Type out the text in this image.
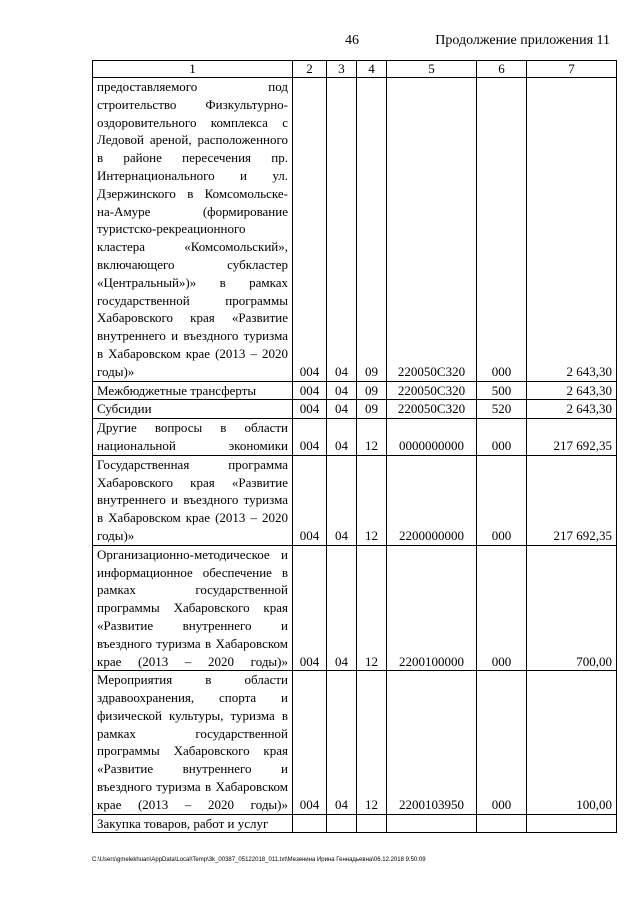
46	Продолжение приложения 11
1	2	3	4	5	6	7
предоставляемого под строительство Физкультурно-оздоровительного комплекса с Ледовой ареной, расположенного в районе пересечения пр. Интернационального и ул. Дзержинского в Комсомольске-на-Амуре (формирование туристско-рекреационного кластера «Комсомольский», включающего субкластер «Центральный»)» в рамках государственной программы Хабаровского края «Развитие внутреннего и въездного туризма в Хабаровском крае (2013 – 2020 годы)»	004	04	09	220050С320	000	2 643,30
Межбюджетные трансферты	004	04	09	220050С320	500	2 643,30
Субсидии	004	04	09	220050С320	520	2 643,30
Другие вопросы в области национальной экономики	004	04	12	0000000000	000	217 692,35
Государственная программа Хабаровского края «Развитие внутреннего и въездного туризма в Хабаровском крае (2013 – 2020 годы)»	004	04	12	2200000000	000	217 692,35
Организационно-методическое и информационное обеспечение в рамках государственной программы Хабаровского края «Развитие внутреннего и въездного туризма в Хабаровском крае (2013 – 2020 годы)»	004	04	12	2200100000	000	700,00
Мероприятия в области здравоохранения, спорта и физической культуры, туризма в рамках государственной программы Хабаровского края «Развитие внутреннего и въездного туризма в Хабаровском крае (2013 – 2020 годы)»	004	04	12	2200103950	000	100,00
Закупка товаров, работ и услуг						
C:\Users\gmelekhuan\AppData\Local\Temp\3k_00387_05122018_011.txt\Мезенина Ирина Геннадьевна\06.12.2018 9:50:09
